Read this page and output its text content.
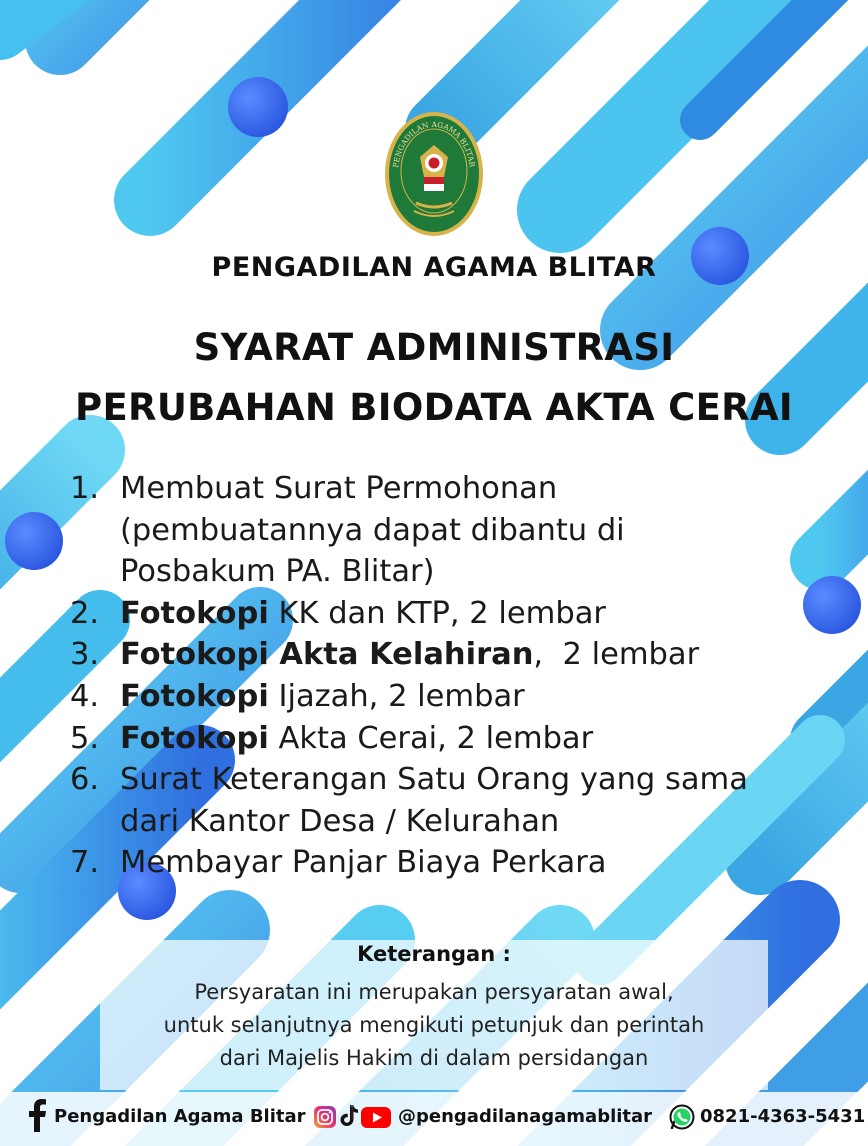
PENGADILAN AGAMA BLITAR
PENGADILAN AGAMA BLITAR
SYARAT ADMINISTRASI
PERUBAHAN BIODATA AKTA CERAI
1. Membuat Surat Permohonan
(pembuatannya dapat dibantu di
Posbakum PA. Blitar)
2. Fotokopi KK dan KTP, 2 lembar
3. Fotokopi Akta Kelahiran,  2 lembar
4. Fotokopi Ijazah, 2 lembar
5. Fotokopi Akta Cerai, 2 lembar
6. Surat Keterangan Satu Orang yang sama
dari Kantor Desa / Kelurahan
7. Membayar Panjar Biaya Perkara
Keterangan :
Persyaratan ini merupakan persyaratan awal,
untuk selanjutnya mengikuti petunjuk dan perintah
dari Majelis Hakim di dalam persidangan
Pengadilan Agama Blitar	@pengadilanagamablitar	0821-4363-5431
